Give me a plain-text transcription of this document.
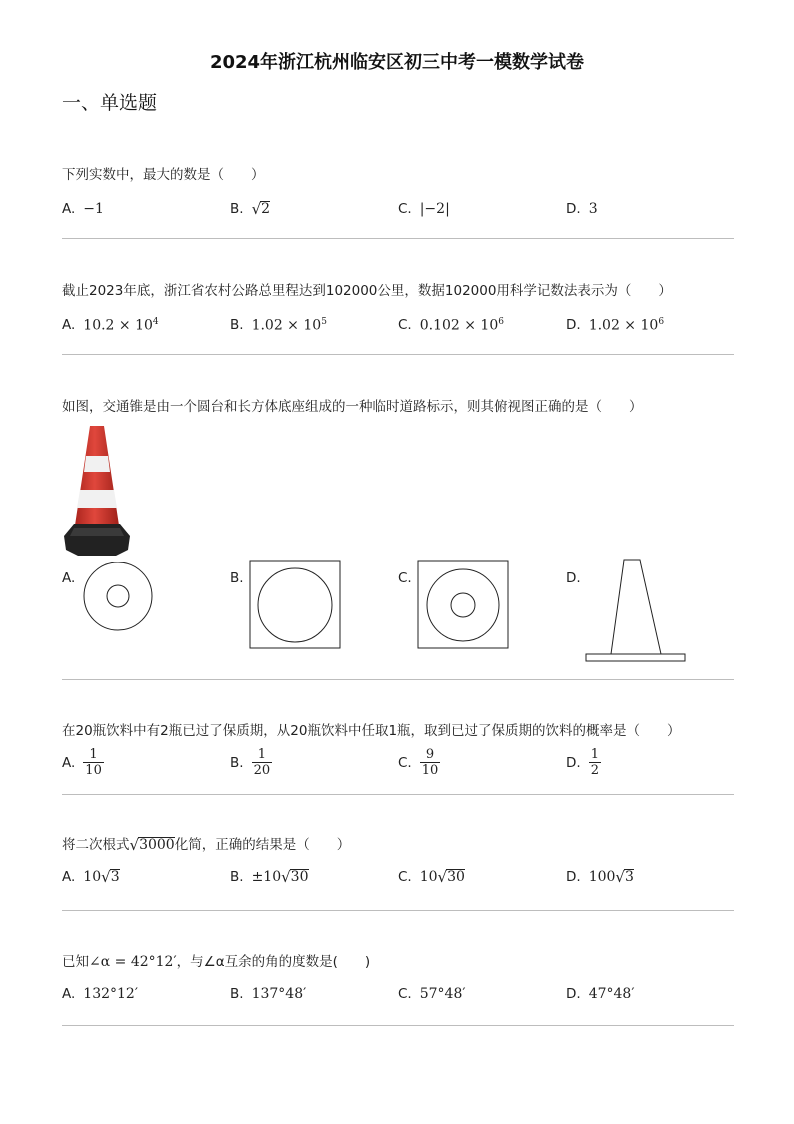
2024年浙江杭州临安区初三中考一模数学试卷
一、单选题
下列实数中，最大的数是（　　）
A. −1	B. √ 2	C. |−2|	D. 3
截止2023年底，浙江省农村公路总里程达到102000公里，数据102000用科学记数法表示为（　　）
A. $10.2 \times 10^4$	B. $1.02 \times 10^5$	C. $0.102 \times 10^6$	D. $1.02 \times 10^6$
如图，交通锥是由一个圆台和长方体底座组成的一种临时道路标示，则其俯视图正确的是（　　）
A.	B.	C.	D.
在20瓶饮料中有2瓶已过了保质期，从20瓶饮料中任取1瓶，取到已过了保质期的饮料的概率是（　　）
A. $\frac{1}{10}$	B. $\frac{1}{20}$	C. $\frac{9}{10}$	D. $\frac{1}{2}$
将二次根式 √ 3000 化简，正确的结果是（　　）
A. 10 √ 3	B. ±10 √ 30	C. 10 √ 30	D. 100 √ 3
已知∠α = 42°12′，与∠α互余的角的度数是(　　)
A. 132°12′	B. 137°48′	C. 57°48′	D. 47°48′
